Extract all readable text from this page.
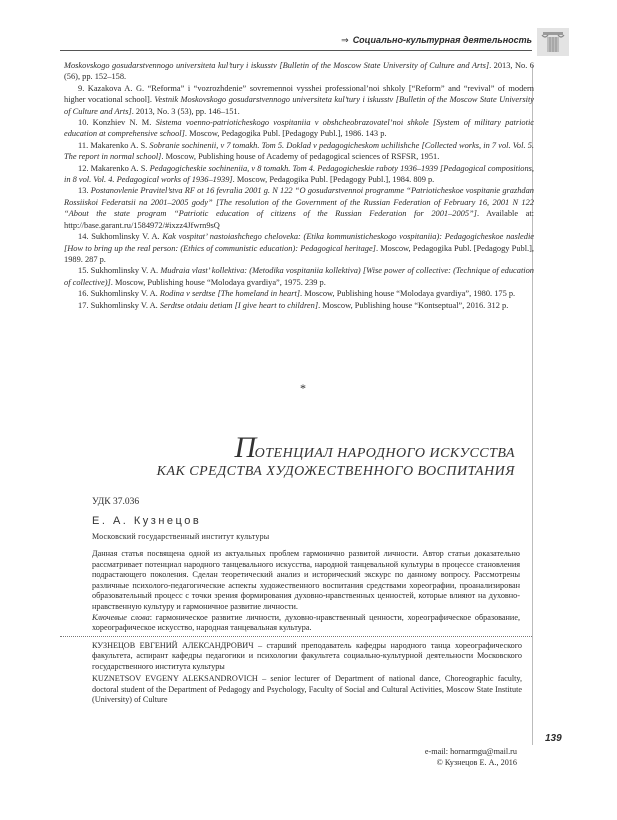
⇒ Социально-культурная деятельность

Moskovskogo gosudarstvennogo universiteta kul’tury i iskusstv [Bulletin of the Moscow State University of Culture and Arts]. 2013, No. 6 (56), pp. 152–158.

9. Kazakova A. G. “Reforma” i “vozrozhdenie” sovremennoi vysshei professional’noi shkoly [“Reform” and “revival” of modern higher vocational school]. Vestnik Moskovskogo gosudarstvennogo universiteta kul’tury i iskusstv [Bulletin of the Moscow State University of Culture and Arts]. 2013, No. 3 (53), pp. 146–151.

10. Konzhiev N. M. Sistema voenno-patrioticheskogo vospitaniia v obshcheobrazovatel’noi shkole [System of military patriotic education at comprehensive school]. Moscow, Pedagogika Publ. [Pedagogy Publ.], 1986. 143 p.

11. Makarenko A. S. Sobranie sochinenii, v 7 tomakh. Tom 5. Doklad v pedagogicheskom uchilishche [Collected works, in 7 vol. Vol. 5. The report in normal school]. Moscow, Publishing house of Academy of pedagogical sciences of RSFSR, 1951.

12. Makarenko A. S. Pedagogicheskie sochineniia, v 8 tomakh. Tom 4. Pedagogicheskie raboty 1936–1939 [Pedagogical compositions, in 8 vol. Vol. 4. Pedagogical works of 1936–1939]. Moscow, Pedagogika Publ. [Pedagogy Publ.], 1984. 809 p.

13. Postanovlenie Pravitel’stva RF ot 16 fevralia 2001 g. N 122 “O gosudarstvennoi programme “Patrioticheskoe vospitanie grazhdan Rossiiskoi Federatsii na 2001–2005 gody” [The resolution of the Government of the Russian Federation of February 16, 2001 N 122 “About the state program “Patriotic education of citizens of the Russian Federation for 2001–2005”]. Available at: http://base.garant.ru/1584972/#ixzz4Jfwrn9sQ

14. Sukhomlinsky V. A. Kak vospitat’ nastoiashchego cheloveka: (Etika kommunisticheskogo vospitaniia): Pedagogicheskoe nasledie [How to bring up the real person: (Ethics of communistic education): Pedagogical heritage]. Moscow, Pedagogika Publ. [Pedagogy Publ.], 1989. 287 p.

15. Sukhomlinsky V. A. Mudraia vlast’ kollektiva: (Metodika vospitaniia kollektiva) [Wise power of collective: (Technique of education of collective)]. Moscow, Publishing house “Molodaya gvardiya”, 1975. 239 p.

16. Sukhomlinsky V. A. Rodina v serdtse [The homeland in heart]. Moscow, Publishing house “Molodaya gvardiya”, 1980. 175 p.

17. Sukhomlinsky V. A. Serdtse otdaiu detiam [I give heart to children]. Moscow, Publishing house “Kontseptual”, 2016. 312 p.

*
ПОТЕНЦИАЛ НАРОДНОГО ИСКУССТВА
КАК СРЕДСТВА ХУДОЖЕСТВЕННОГО ВОСПИТАНИЯ
УДК 37.036
Е. А. Кузнецов
Московский государственный институт культуры

Данная статья посвящена одной из актуальных проблем гармонично развитой личности. Автор статьи доказательно рассматривает потенциал народного танцевального искусства, народной танцевальной культуры в процессе становления подрастающего поколения. Сделан теоретический анализ и исторический экскурс по данному вопросу. Рассмотрены различные психолого-педагогические аспекты художественного воспитания средствами хореографии, проанализирован образовательный процесс с точки зрения формирования духовно-нравственных ценностей, которые влияют на духовно-нравственную культуру и гармоничное развитие личности.

Ключевые слова: гармоническое развитие личности, духовно-нравственный ценности, хореографическое образование, хореографическое искусство, народная танцевальная культура.

КУЗНЕЦОВ ЕВГЕНИЙ АЛЕКСАНДРОВИЧ – старший преподаватель кафедры народного танца хореографического факультета, аспирант кафедры педагогики и психологии факультета социально-культурной деятельности Московского государственного института культуры

KUZNETSOV EVGENY ALEKSANDROVICH – senior lecturer of Department of national dance, Choreographic faculty, doctoral student of the Department of Pedagogy and Psychology, Faculty of Social and Cultural Activities, Moscow State Institute (University) of Culture

e-mail: hornarmgu@mail.ru
© Кузнецов Е. А., 2016
139
